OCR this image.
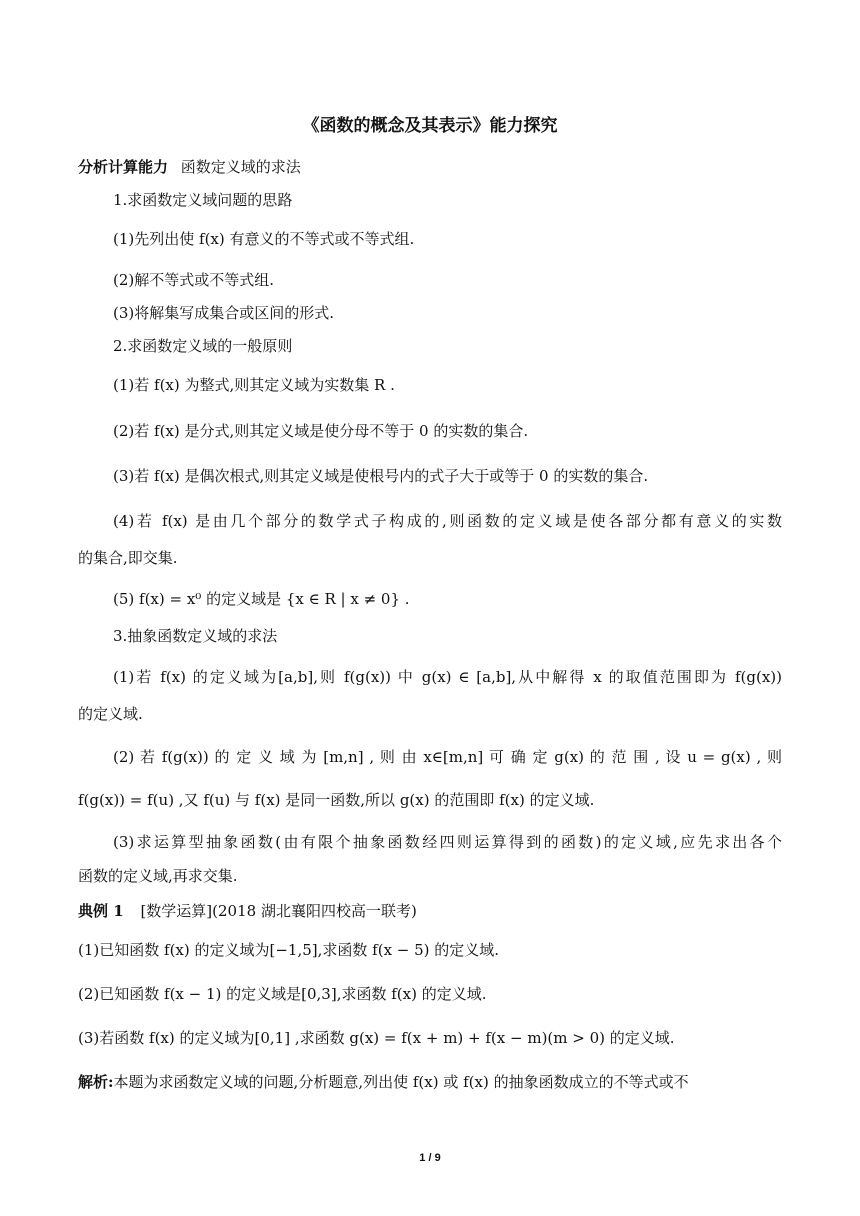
《函数的概念及其表示》能力探究
分析计算能力 函数定义域的求法
1.求函数定义域问题的思路
(1)先列出使 f(x) 有意义的不等式或不等式组.
(2)解不等式或不等式组.
(3)将解集写成集合或区间的形式.
2.求函数定义域的一般原则
(1)若 f(x) 为整式,则其定义域为实数集 R .
(2)若 f(x) 是分式,则其定义域是使分母不等于 0 的实数的集合.
(3)若 f(x) 是偶次根式,则其定义域是使根号内的式子大于或等于 0 的实数的集合.
(4)若 f(x) 是由几个部分的数学式子构成的,则函数的定义域是使各部分都有意义的实数
的集合,即交集.
(5) f(x) = x⁰ 的定义域是 {x ∈ R | x ≠ 0} .
3.抽象函数定义域的求法
(1)若 f(x) 的定义域为[a,b],则 f(g(x)) 中 g(x) ∈ [a,b],从中解得 x 的取值范围即为 f(g(x))
的定义域.
(2) 若 f(g(x)) 的 定 义 域 为 [m,n] , 则 由 x∈[m,n] 可 确 定 g(x) 的 范 围 , 设 u = g(x) , 则
f(g(x)) = f(u) ,又 f(u) 与 f(x) 是同一函数,所以 g(x) 的范围即 f(x) 的定义域.
(3)求运算型抽象函数(由有限个抽象函数经四则运算得到的函数)的定义域,应先求出各个
函数的定义域,再求交集.
典例 1 [数学运算](2018 湖北襄阳四校高一联考)
(1)已知函数 f(x) 的定义域为[−1,5],求函数 f(x − 5) 的定义域.
(2)已知函数 f(x − 1) 的定义域是[0,3],求函数 f(x) 的定义域.
(3)若函数 f(x) 的定义域为[0,1] ,求函数 g(x) = f(x + m) + f(x − m)(m > 0) 的定义域.
解析:本题为求函数定义域的问题,分析题意,列出使 f(x) 或 f(x) 的抽象函数成立的不等式或不
1 / 9
